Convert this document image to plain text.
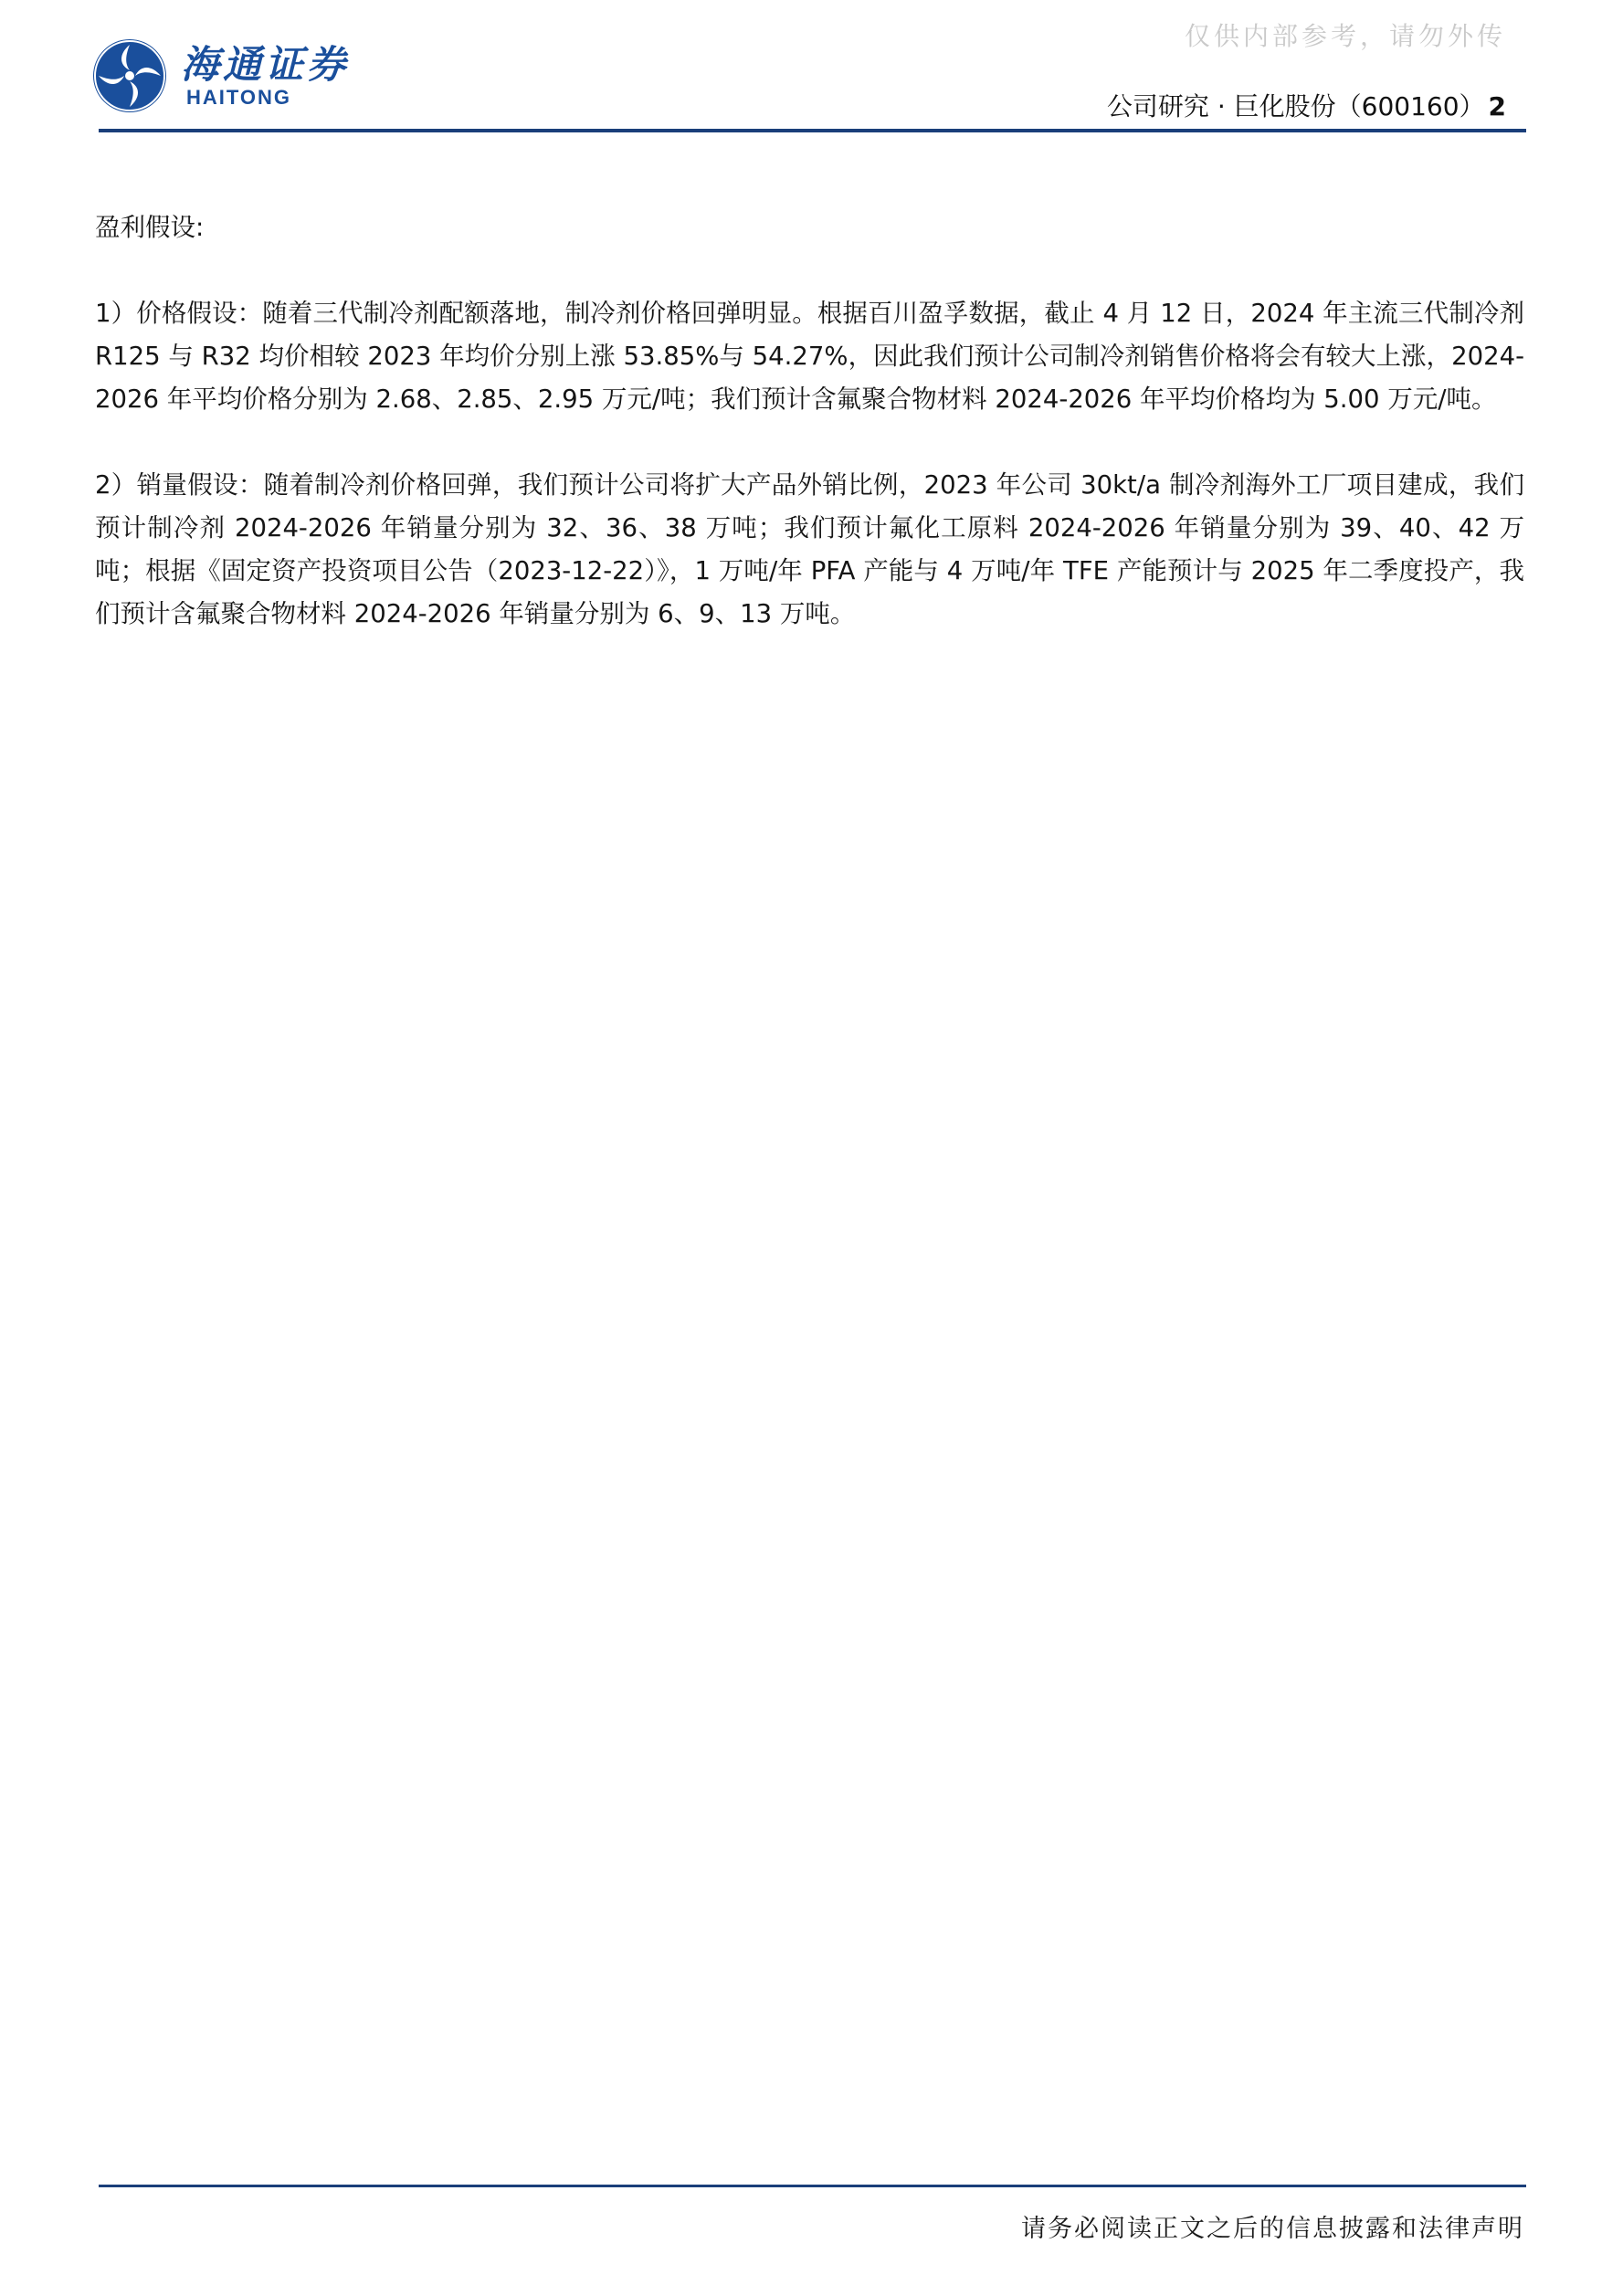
仅供内部参考，请勿外传
海通证券
HAITONG	公司研究 · 巨化股份（600160） 2

盈利假设:

1）价格假设：随着三代制冷剂配额落地，制冷剂价格回弹明显。根据百川盈孚数据，截止 4 月 12 日，2024 年主流三代制冷剂 R125 与 R32 均价相较 2023 年均价分别上涨 53.85%与 54.27%，因此我们预计公司制冷剂销售价格将会有较大上涨，2024-2026 年平均价格分别为 2.68、2.85、2.95 万元/吨；我们预计含氟聚合物材料 2024-2026 年平均价格均为 5.00 万元/吨。

2）销量假设：随着制冷剂价格回弹，我们预计公司将扩大产品外销比例，2023 年公司 30kt/a 制冷剂海外工厂项目建成，我们预计制冷剂 2024-2026 年销量分别为 32、36、38 万吨；我们预计氟化工原料 2024-2026 年销量分别为 39、40、42 万吨；根据《固定资产投资项目公告（2023-12-22）》，1 万吨/年 PFA 产能与 4 万吨/年 TFE 产能预计与 2025 年二季度投产，我们预计含氟聚合物材料 2024-2026 年销量分别为 6、9、13 万吨。

请务必阅读正文之后的信息披露和法律声明
